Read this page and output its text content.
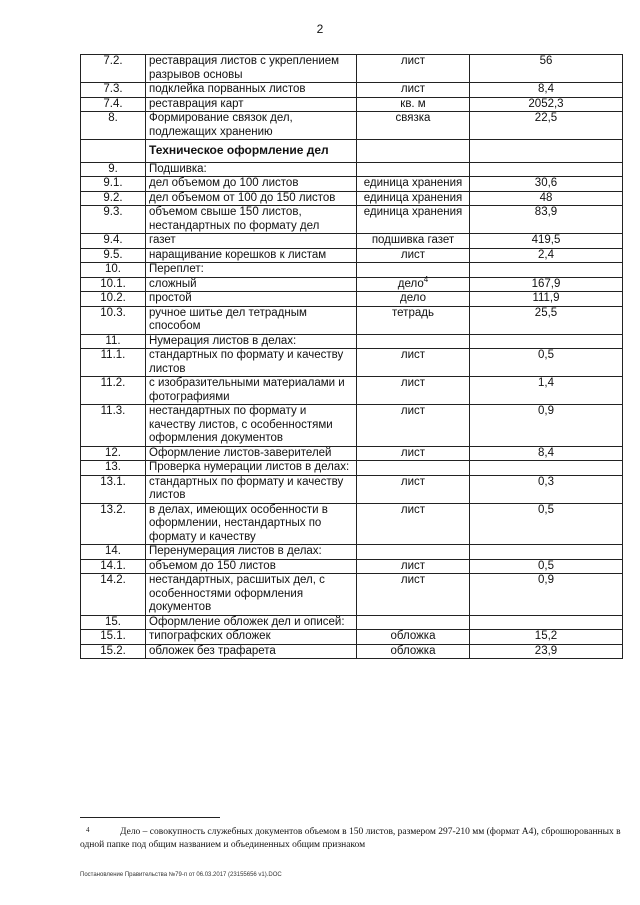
2
7.2.	реставрация листов с укреплением разрывов основы	лист	56
7.3.	подклейка порванных листов	лист	8,4
7.4.	реставрация карт	кв. м	2052,3
8.	Формирование связок дел, подлежащих хранению	связка	22,5
	Техническое оформление дел		
9.	Подшивка:		
9.1.	дел объемом до 100 листов	единица хранения	30,6
9.2.	дел объемом от 100 до 150 листов	единица хранения	48
9.3.	объемом свыше 150 листов, нестандартных по формату дел	единица хранения	83,9
9.4.	газет	подшивка газет	419,5
9.5.	наращивание корешков к листам	лист	2,4
10.	Переплет:		
10.1.	сложный	дело$^4$	167,9
10.2.	простой	дело	111,9
10.3.	ручное шитье дел тетрадным способом	тетрадь	25,5
11.	Нумерация листов в делах:		
11.1.	стандартных по формату и качеству листов	лист	0,5
11.2.	с изобразительными материалами и фотографиями	лист	1,4
11.3.	нестандартных по формату и качеству листов, с особенностями оформления документов	лист	0,9
12.	Оформление листов-заверителей	лист	8,4
13.	Проверка нумерации листов в делах:		
13.1.	стандартных по формату и качеству листов	лист	0,3
13.2.	в делах, имеющих особенности в оформлении, нестандартных по формату и качеству	лист	0,5
14.	Перенумерация листов в делах:		
14.1.	объемом до 150 листов	лист	0,5
14.2.	нестандартных, расшитых дел, с особенностями оформления документов	лист	0,9
15.	Оформление обложек дел и описей:		
15.1.	типографских обложек	обложка	15,2
15.2.	обложек без трафарета	обложка	23,9
4	Дело – совокупность служебных документов объемом в 150 листов, размером 297-210 мм (формат А4), сброшюрованных в одной папке под общим названием и объединенных общим признаком

Постановление Правительства №79-п от 06.03.2017 (23155656 v1).DOC
